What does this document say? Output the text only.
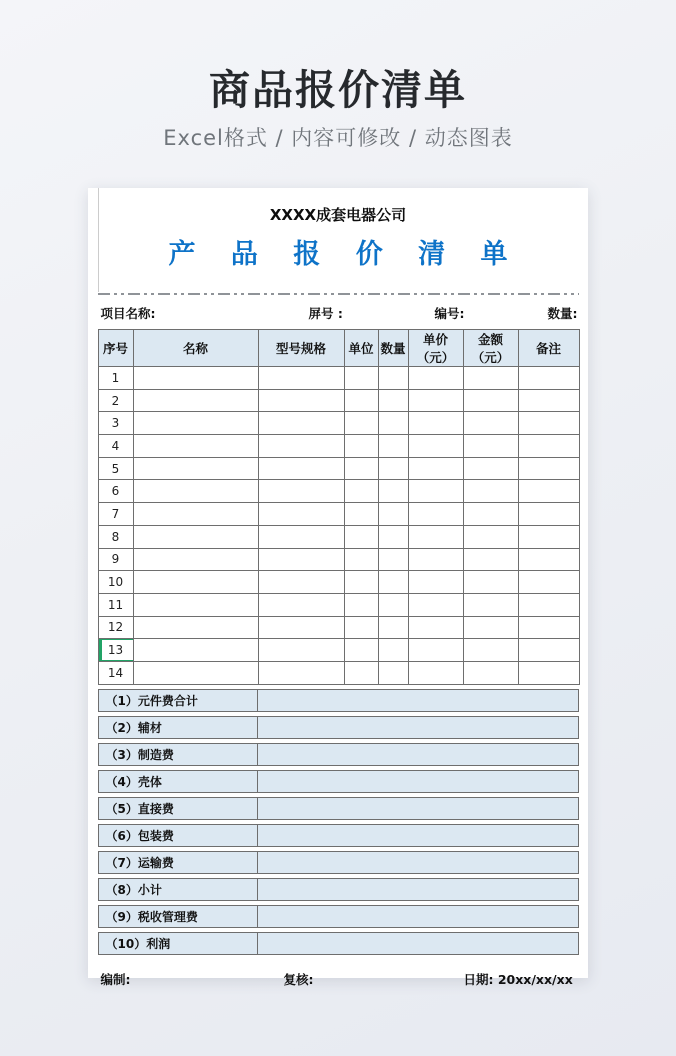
商品报价清单
Excel格式 / 内容可修改 / 动态图表
XXXX成套电器公司
产 品 报 价 清 单
项目名称:	屏号 :	编号:	数量:
序号	名称	型号规格	单位	数量	单价（元）	金额（元）	备注
1							
2							
3							
4							
5							
6							
7							
8							
9							
10							
11							
12							
13							
14							
（1）元件费合计
（2）辅材
（3）制造费
（4）壳体
（5）直接费
（6）包装费
（7）运输费
（8）小计
（9）税收管理费
（10）利润
编制:	复核:	日期: 20xx/xx/xx
